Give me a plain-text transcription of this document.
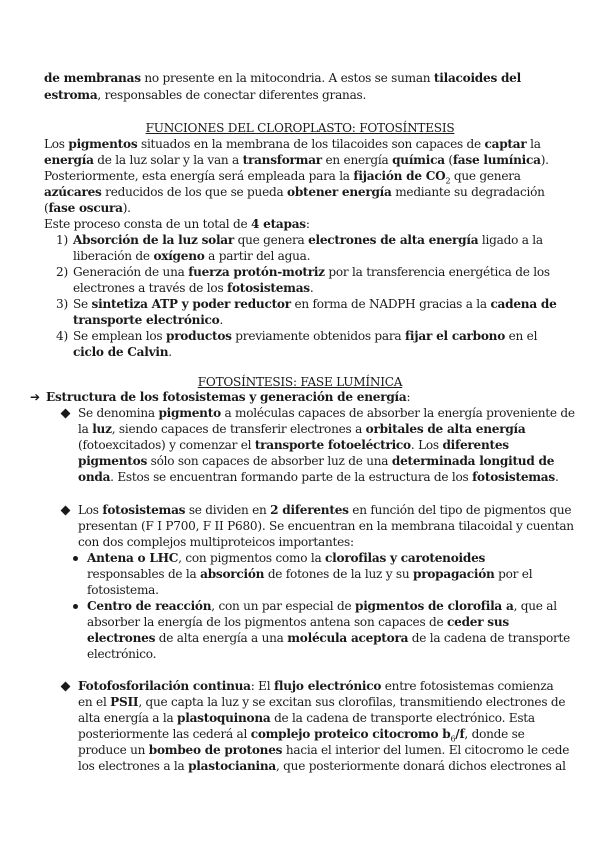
de membranas no presente en la mitocondria. A estos se suman tilacoides del
estroma, responsables de conectar diferentes granas.
FUNCIONES DEL CLOROPLASTO: FOTOSÍNTESIS
Los pigmentos situados en la membrana de los tilacoides son capaces de captar la
energía de la luz solar y la van a transformar en energía química (fase lumínica).
Posteriormente, esta energía será empleada para la fijación de $CO_2$ que genera
azúcares reducidos de los que se pueda obtener energía mediante su degradación
(fase oscura).
Este proceso consta de un total de 4 etapas:
1) Absorción de la luz solar que genera electrones de alta energía ligado a la
liberación de oxígeno a partir del agua.
2) Generación de una fuerza protón-motriz por la transferencia energética de los
electrones a través de los fotosistemas.
3) Se sintetiza ATP y poder reductor en forma de NADPH gracias a la cadena de
transporte electrónico.
4) Se emplean los productos previamente obtenidos para fijar el carbono en el
ciclo de Calvin.
FOTOSÍNTESIS: FASE LUMÍNICA
➔ Estructura de los fotosistemas y generación de energía:
Se denomina pigmento a moléculas capaces de absorber la energía proveniente de
la luz, siendo capaces de transferir electrones a orbitales de alta energía
(fotoexcitados) y comenzar el transporte fotoeléctrico. Los diferentes
pigmentos sólo son capaces de absorber luz de una determinada longitud de
onda. Estos se encuentran formando parte de la estructura de los fotosistemas.
Los fotosistemas se dividen en 2 diferentes en función del tipo de pigmentos que
presentan (F I P700, F II P680). Se encuentran en la membrana tilacoidal y cuentan
con dos complejos multiproteicos importantes:
Antena o LHC, con pigmentos como la clorofilas y carotenoides
responsables de la absorción de fotones de la luz y su propagación por el
fotosistema.
Centro de reacción, con un par especial de pigmentos de clorofila a, que al
absorber la energía de los pigmentos antena son capaces de ceder sus
electrones de alta energía a una molécula aceptora de la cadena de transporte
electrónico.
Fotofosforilación continua: El flujo electrónico entre fotosistemas comienza
en el PSII, que capta la luz y se excitan sus clorofilas, transmitiendo electrones de
alta energía a la plastoquinona de la cadena de transporte electrónico. Esta
posteriormente las cederá al complejo proteico citocromo $b_6/f$, donde se
produce un bombeo de protones hacia el interior del lumen. El citocromo le cede
los electrones a la plastocianina, que posteriormente donará dichos electrones al
